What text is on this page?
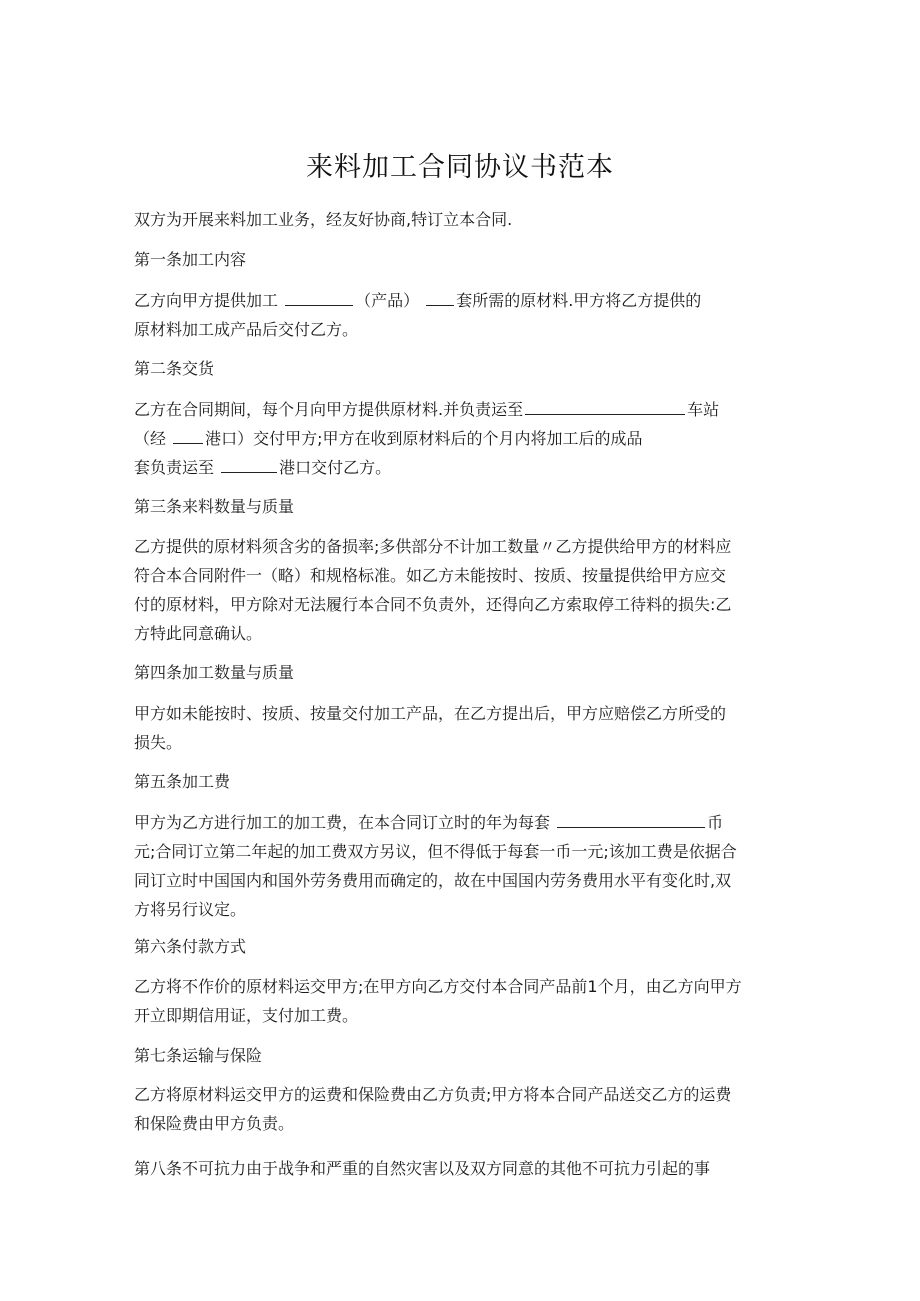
来料加工合同协议书范本
双方为开展来料加工业务，经友好协商,特订立本合同.
第一条加工内容
乙方向甲方提供加工	（产品） 套所需的原材料.甲方将乙方提供的
原材料加工成产品后交付乙方。
第二条交货
乙方在合同期间，每个月向甲方提供原材料.并负责运至	车站
（经 港口）交付甲方;甲方在收到原材料后的个月内将加工后的成品
套负责运至	港口交付乙方。
第三条来料数量与质量
乙方提供的原材料须含劣的备损率;多供部分不计加工数量〃乙方提供给甲方的材料应
符合本合同附件一（略）和规格标准。如乙方未能按时、按质、按量提供给甲方应交
付的原材料，甲方除对无法履行本合同不负责外，还得向乙方索取停工待料的损失:乙
方特此同意确认。
第四条加工数量与质量
甲方如未能按时、按质、按量交付加工产品，在乙方提出后，甲方应赔偿乙方所受的
损失。
第五条加工费
甲方为乙方进行加工的加工费，在本合同订立时的年为每套	币
元;合同订立第二年起的加工费双方另议，但不得低于每套一币一元;该加工费是依据合
同订立时中国国内和国外劳务费用而确定的，故在中国国内劳务费用水平有变化时,双
方将另行议定。
第六条付款方式
乙方将不作价的原材料运交甲方;在甲方向乙方交付本合同产品前1个月，由乙方向甲方
开立即期信用证，支付加工费。
第七条运输与保险
乙方将原材料运交甲方的运费和保险费由乙方负责;甲方将本合同产品送交乙方的运费
和保险费由甲方负责。
第八条不可抗力由于战争和严重的自然灾害以及双方同意的其他不可抗力引起的事
